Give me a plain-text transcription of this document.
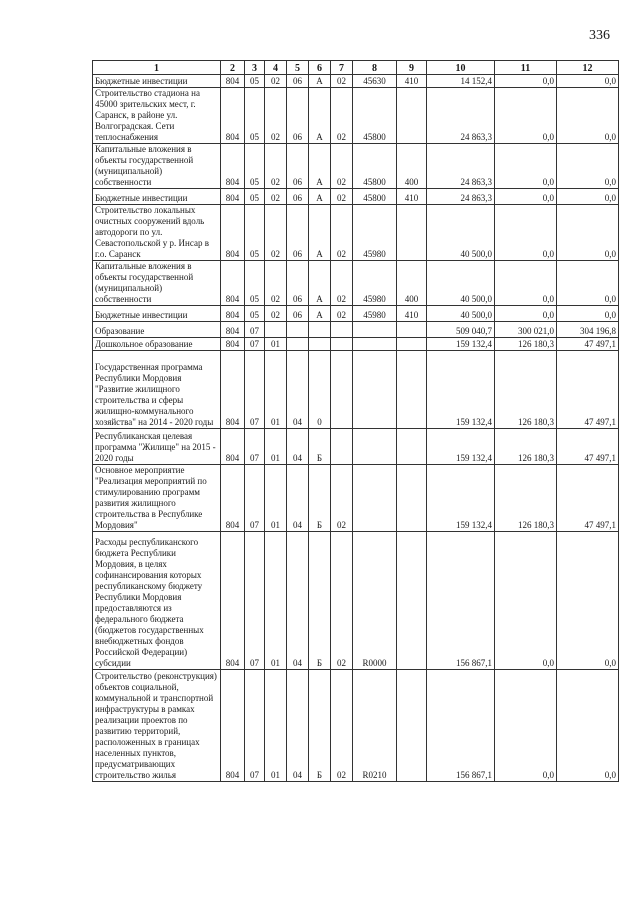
336
1	2	3	4	5	6	7	8	9	10	11	12
Бюджетные инвестиции	804	05	02	06	А	02	45630	410	14 152,4	0,0	0,0
Строительство стадиона на 45000 зрительских мест, г. Саранск, в районе ул. Волгоградская. Сети теплоснабжения	804	05	02	06	А	02	45800		24 863,3	0,0	0,0
Капитальные вложения в объекты государственной (муниципальной) собственности	804	05	02	06	А	02	45800	400	24 863,3	0,0	0,0
Бюджетные инвестиции	804	05	02	06	А	02	45800	410	24 863,3	0,0	0,0
Строительство локальных очистных сооружений вдоль автодороги по ул. Севастопольской у р. Инсар в г.о. Саранск	804	05	02	06	А	02	45980		40 500,0	0,0	0,0
Капитальные вложения в объекты государственной (муниципальной) собственности	804	05	02	06	А	02	45980	400	40 500,0	0,0	0,0
Бюджетные инвестиции	804	05	02	06	А	02	45980	410	40 500,0	0,0	0,0
Образование	804	07							509 040,7	300 021,0	304 196,8
Дошкольное образование	804	07	01						159 132,4	126 180,3	47 497,1
Государственная программа Республики Мордовия "Развитие жилищного строительства и сферы жилищно-коммунального хозяйства" на 2014 - 2020 годы	804	07	01	04	0				159 132,4	126 180,3	47 497,1
Республиканская целевая программа "Жилище" на 2015 - 2020 годы	804	07	01	04	Б				159 132,4	126 180,3	47 497,1
Основное мероприятие "Реализация мероприятий по стимулированию программ развития жилищного строительства в Республике Мордовия"	804	07	01	04	Б	02			159 132,4	126 180,3	47 497,1
Расходы республиканского бюджета Республики Мордовия, в целях софинансирования которых республиканскому бюджету Республики Мордовия предоставляются из федерального бюджета (бюджетов государственных внебюджетных фондов Российской Федерации) субсидии	804	07	01	04	Б	02	R0000		156 867,1	0,0	0,0
Строительство (реконструкция) объектов социальной, коммунальной и транспортной инфраструктуры в рамках реализации проектов по развитию территорий, расположенных в границах населенных пунктов, предусматривающих строительство жилья	804	07	01	04	Б	02	R0210		156 867,1	0,0	0,0
